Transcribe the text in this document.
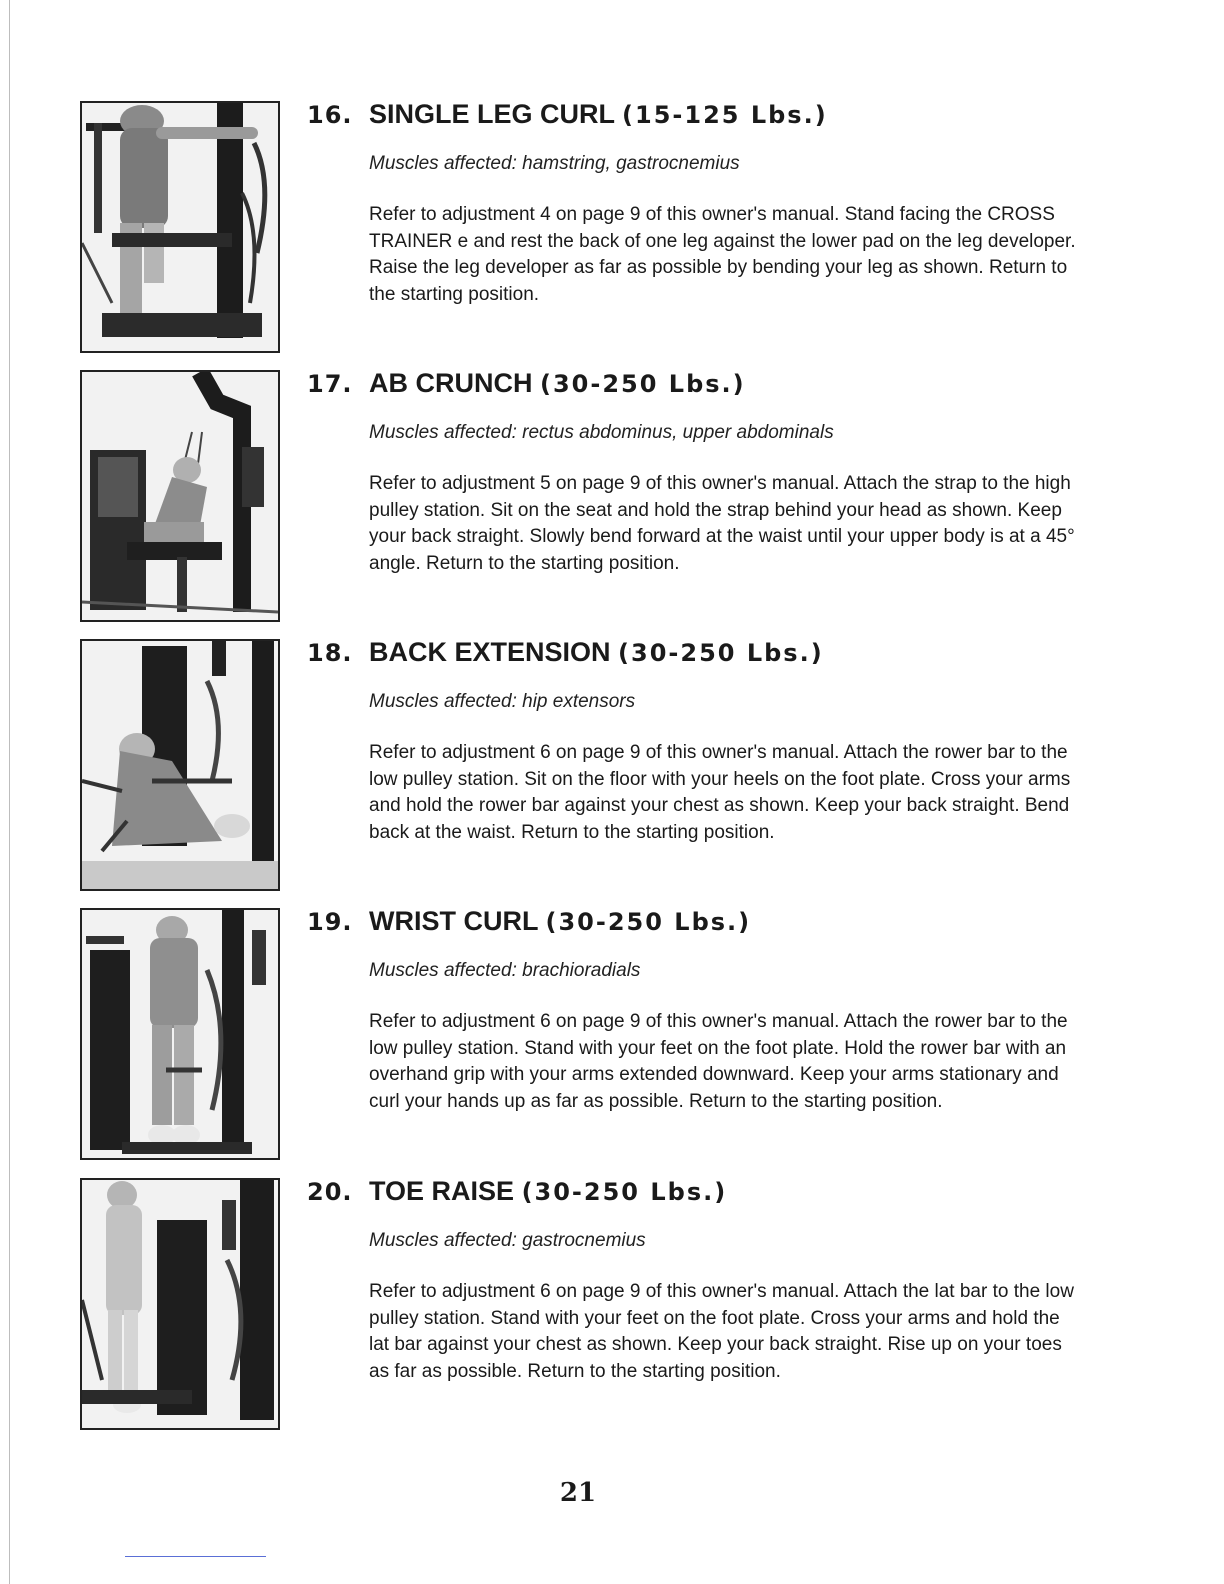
16. SINGLE LEG CURL (15-125 Lbs.)
Muscles affected: hamstring, gastrocnemius

Refer to adjustment 4 on page 9 of this owner's manual. Stand facing the CROSS TRAINER e and rest the back of one leg against the lower pad on the leg developer. Raise the leg developer as far as possible by bending your leg as shown. Return to the starting position.

17. AB CRUNCH (30-250 Lbs.)
Muscles affected: rectus abdominus, upper abdominals

Refer to adjustment 5 on page 9 of this owner's manual. Attach the strap to the high pulley station. Sit on the seat and hold the strap behind your head as shown. Keep your back straight. Slowly bend forward at the waist until your upper body is at a 45° angle. Return to the starting position.

18. BACK EXTENSION (30-250 Lbs.)
Muscles affected: hip extensors

Refer to adjustment 6 on page 9 of this owner's manual. Attach the rower bar to the low pulley station. Sit on the floor with your heels on the foot plate. Cross your arms and hold the rower bar against your chest as shown. Keep your back straight. Bend back at the waist. Return to the starting position.

19. WRIST CURL (30-250 Lbs.)
Muscles affected: brachioradials

Refer to adjustment 6 on page 9 of this owner's manual. Attach the rower bar to the low pulley station. Stand with your feet on the foot plate. Hold the rower bar with an overhand grip with your arms extended downward. Keep your arms stationary and curl your hands up as far as possible. Return to the starting position.

20. TOE RAISE (30-250 Lbs.)
Muscles affected: gastrocnemius

Refer to adjustment 6 on page 9 of this owner's manual. Attach the lat bar to the low pulley station. Stand with your feet on the foot plate. Cross your arms and hold the lat bar against your chest as shown. Keep your back straight. Rise up on your toes as far as possible. Return to the starting position.

21
